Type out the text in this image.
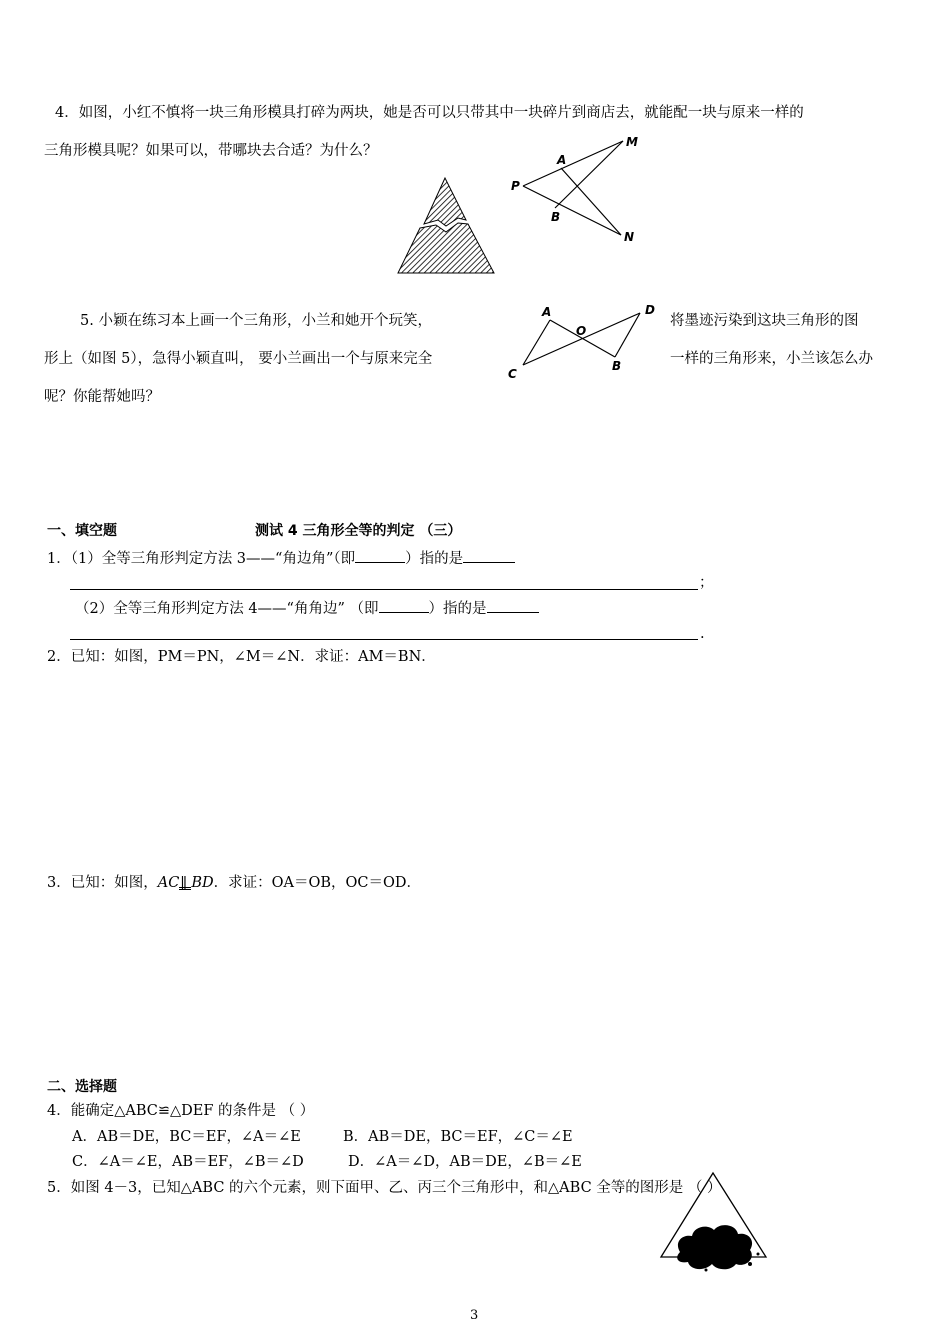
4．如图，小红不慎将一块三角形模具打碎为两块，她是否可以只带其中一块碎片到商店去，就能配一块与原来一样的
三角形模具呢？如果可以，带哪块去合适？为什么？
A
M
P
B
N
5. 小颖在练习本上画一个三角形，小兰和她开个玩笑，	将墨迹污染到这块三角形的图
形上（如图 5），急得小颖直叫， 要小兰画出一个与原来完全	一样的三角形来，小兰该怎么办
呢？你能帮她吗？
A	D
O
C
B
一、填空题	测试 4 三角形全等的判定 （三）
1．（1）全等三角形判定方法 3——“角边角”（即	）指的是
；
（2）全等三角形判定方法 4——“角角边” （即	）指的是
.
2．已知：如图，PM＝PN，∠M＝∠N．求证：AM＝BN．
3．已知：如图，AC ∥ BD．求证：OA＝OB，OC＝OD．
二、选择题
4．能确定△ABC≌△DEF 的条件是 （ ）
A．AB＝DE，BC＝EF，∠A＝∠E	B．AB＝DE，BC＝EF，∠C＝∠E
C．∠A＝∠E，AB＝EF，∠B＝∠D	D．∠A＝∠D，AB＝DE，∠B＝∠E
5．如图 4－3，已知△ABC 的六个元素，则下面甲、乙、丙三个三角形中，和△ABC 全等的图形是 （ ）
3
